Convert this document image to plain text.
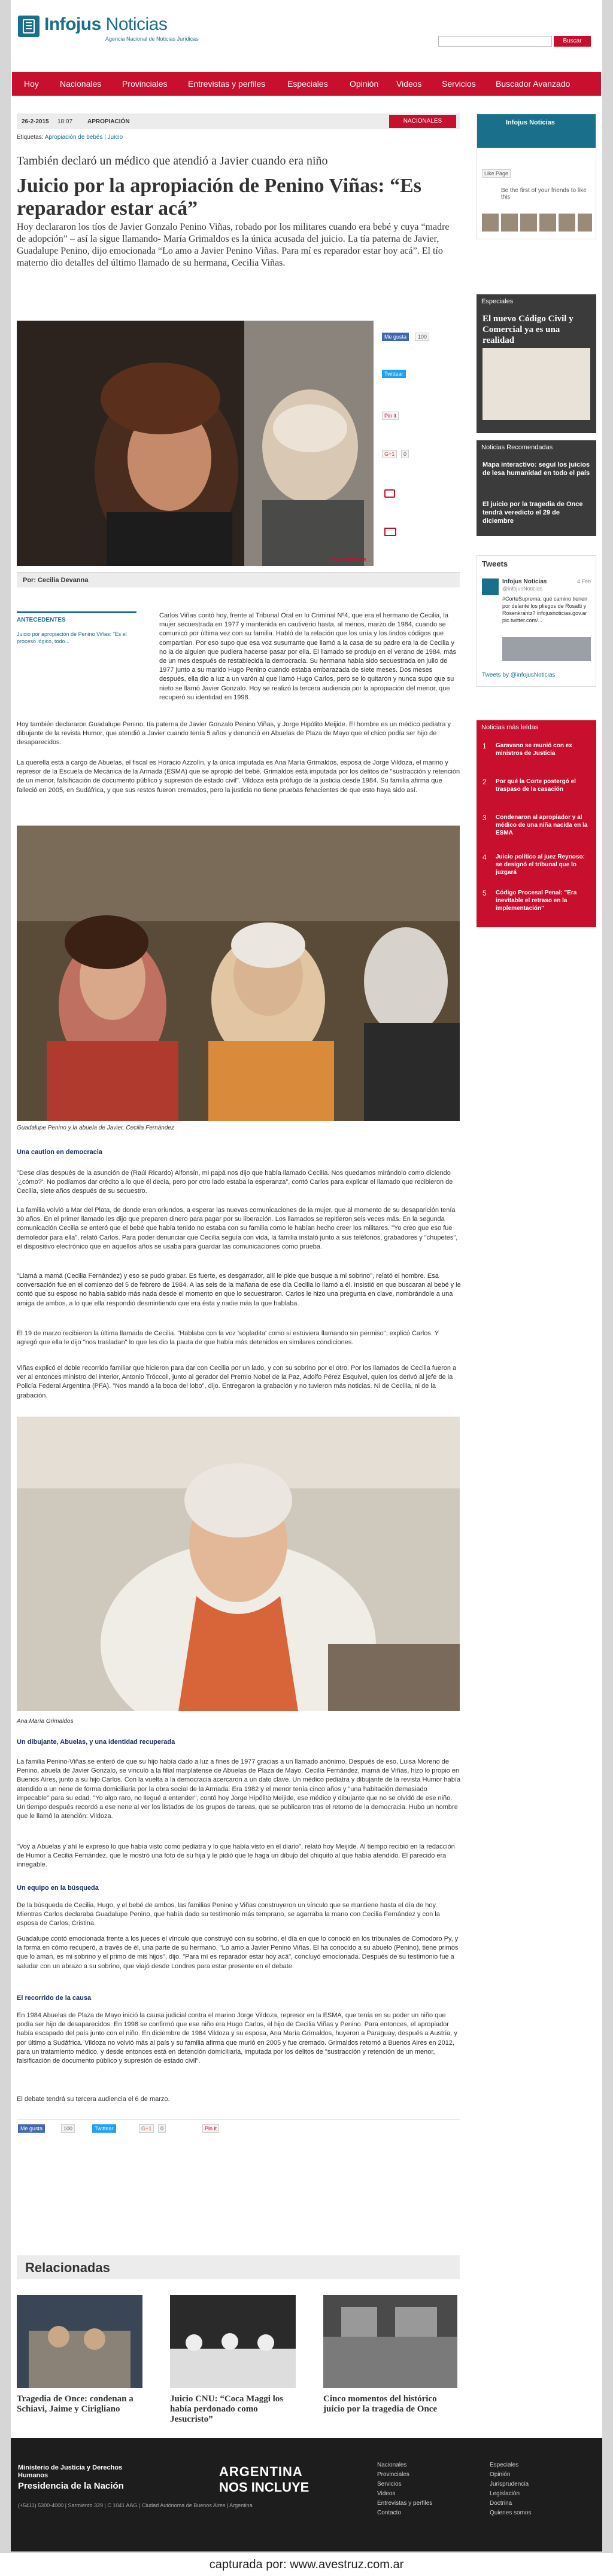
Infojus Noticias
Agencia Nacional de Noticias Jurídicas	Buscar
Hoy	Nacionales Provinciales Entrevistas y perfiles	Especiales	Opinión Videos Servicios Buscador Avanzado
26-2-2015 18:07 APROPIACIÓN	NACIONALES
Etiquetas: Apropiación de bebés | Juicio
También declaró un médico que atendió a Javier cuando era niño
Juicio por la apropiación de Penino Viñas: “Es reparador estar acá”
Hoy declararon los tíos de Javier Gonzalo Penino Viñas, robado por los militares cuando era bebé y cuya “madre de adopción” – así la sigue llamando- María Grimaldos es la única acusada del juicio. La tía paterna de Javier, Guadalupe Penino, dijo emocionada “Lo amo a Javier Penino Viñas. Para mí es reparador estar hoy acá”. El tío materno dio detalles del último llamado de su hermana, Cecilia Viñas.
Infojus/Noticias
Me gusta	100
Twittear
Pin it
G+1	0
Por: Cecilia Devanna
ANTECEDENTES
Juicio por apropiación de Penino Viñas: "Es el proceso lógico, todo...
Carlos Viñas contó hoy, frente al Tribunal Oral en lo Criminal Nº4, que era el hermano de Cecilia, la mujer secuestrada en 1977 y mantenida en cautiverio hasta, al menos, marzo de 1984, cuando se comunicó por última vez con su familia. Habló de la relación que los unía y los lindos códigos que compartían. Por eso supo que esa voz susurrante que llamó a la casa de su padre era la de Cecilia y no la de alguien que pudiera hacerse pasar por ella. El llamado se produjo en el verano de 1984, más de un mes después de restablecida la democracia. Su hermana había sido secuestrada en julio de 1977 junto a su marido Hugo Penino cuando estaba embarazada de siete meses. Dos meses después, ella dio a luz a un varón al que llamó Hugo Carlos, pero se lo quitaron y nunca supo que su nieto se llamó Javier Gonzalo. Hoy se realizó la tercera audiencia por la apropiación del menor, que recuperó su identidad en 1998.
Hoy también declararon Guadalupe Penino, tía paterna de Javier Gonzalo Penino Viñas, y Jorge Hipólito Meijide. El hombre es un médico pediatra y dibujante de la revista Humor, que atendió a Javier cuando tenía 5 años y denunció en Abuelas de Plaza de Mayo que el chico podía ser hijo de desaparecidos.
La querella está a cargo de Abuelas, el fiscal es Horacio Azzolín, y la única imputada es Ana María Grimaldos, esposa de Jorge Vildoza, el marino y represor de la Escuela de Mecánica de la Armada (ESMA) que se apropió del bebé. Grimaldos está imputada por los delitos de "sustracción y retención de un menor, falsificación de documento público y supresión de estado civil". Vildoza está prófugo de la justicia desde 1984. Su familia afirma que falleció en 2005, en Sudáfrica, y que sus restos fueron cremados, pero la justicia no tiene pruebas fehacientes de que esto haya sido así.
Guadalupe Penino y la abuela de Javier, Cecilia Fernández
Una caution en democracia
"Dese días después de la asunción de (Raúl Ricardo) Alfonsín, mi papá nos dijo que había llamado Cecilia. Nos quedamos mirándolo como diciendo '¿cómo?'. No podíamos dar crédito a lo que él decía, pero por otro lado estaba la esperanza", contó Carlos para explicar el llamado que recibieron de Cecilia, siete años después de su secuestro.
La familia volvió a Mar del Plata, de donde eran oriundos, a esperar las nuevas comunicaciones de la mujer, que al momento de su desaparición tenía 30 años. En el primer llamado les dijo que preparen dinero para pagar por su liberación. Los llamados se repitieron seis veces más. En la segunda comunicación Cecilia se enteró que el bebé que había tenido no estaba con su familia como le habían hecho creer los militares. "Yo creo que eso fue demoledor para ella", relató Carlos. Para poder denunciar que Cecilia seguía con vida, la familia instaló junto a sus teléfonos, grabadores y "chupetes", el dispositivo electrónico que en aquellos años se usaba para guardar las comunicaciones como prueba.
"Llamá a mamá (Cecilia Fernández) y eso se pudo grabar. Es fuerte, es desgarrador, allí le pide que busque a mi sobrino", relató el hombre. Esa conversación fue en el comienzo del 5 de febrero de 1984. A las seis de la mañana de ese día Cecilia lo llamó a él. Insistió en que buscaran al bebé y le contó que su esposo no había sabido más nada desde el momento en que lo secuestraron. Carlos le hizo una pregunta en clave, nombrándole a una amiga de ambos, a lo que ella respondió desmintiendo que era ésta y nadie más la que hablaba.
El 19 de marzo recibieron la última llamada de Cecilia. "Hablaba con la voz 'sopladita' como si estuviera llamando sin permiso", explicó Carlos. Y agregó que ella le dijo "nos trasladan" lo que les dio la pauta de que había más detenidos en similares condiciones.
Viñas explicó el doble recorrido familiar que hicieron para dar con Cecilia por un lado, y con su sobrino por el otro. Por los llamados de Cecilia fueron a ver al entonces ministro del interior, Antonio Tróccoli, junto al gerador del Premio Nobel de la Paz, Adolfo Pérez Esquivel, quien los derivó al jefe de la Policía Federal Argentina (PFA). "Nos mandó a la boca del lobo", dijo. Entregaron la grabación y no tuvieron más noticias. Ni de Cecilia, ni de la grabación.
Ana María Grimaldos
Un dibujante, Abuelas, y una identidad recuperada
La familia Penino-Viñas se enteró de que su hijo había dado a luz a fines de 1977 gracias a un llamado anónimo. Después de eso, Luisa Moreno de Penino, abuela de Javier Gonzalo, se vinculó a la filial marplatense de Abuelas de Plaza de Mayo. Cecilia Fernández, mamá de Viñas, hizo lo propio en Buenos Aires, junto a su hijo Carlos. Con la vuelta a la democracia acercaron a un dato clave. Un médico pediatra y dibujante de la revista Humor había atendido a un nene de forma domiciliaria por la obra social de la Armada. Era 1982 y el menor tenía cinco años y "una habitación demasiado impecable" para su edad. "Yo algo raro, no llegué a entender", contó hoy Jorge Hipólito Meijide, ese médico y dibujante que no se olvidó de ese niño. Un tiempo después recordó a ese nene al ver los listados de los grupos de tareas, que se publicaron tras el retorno de la democracia. Hubo un nombre que le llamó la atención: Vildoza.
"Voy a Abuelas y ahí le expreso lo que había visto como pediatra y lo que había visto en el diario", relató hoy Meijide. Al tiempo recibió en la redacción de Humor a Cecilia Fernández, que le mostró una foto de su hija y le pidió que le haga un dibujo del chiquito al que había atendido. El parecido era innegable.
Un equipo en la búsqueda
De la búsqueda de Cecilia, Hugo, y el bebé de ambos, las familias Penino y Viñas construyeron un vínculo que se mantiene hasta el día de hoy. Mientras Carlos declaraba Guadalupe Penino, que había dado su testimonio más temprano, se agarraba la mano con Cecilia Fernández y con la esposa de Carlos, Cristina.
Guadalupe contó emocionada frente a los jueces el vínculo que construyó con su sobrino, el día en que lo conoció en los tribunales de Comodoro Py, y la forma en cómo recuperó, a través de él, una parte de su hermano. "Lo amo a Javier Penino Viñas. El ha conocido a su abuelo (Penino), tiene primos que lo aman, es mi sobrino y el primo de mis hijos", dijo. "Para mí es reparador estar hoy acá", concluyó emocionada. Después de su testimonio fue a saludar con un abrazo a su sobrino, que viajó desde Londres para estar presente en el debate.
El recorrido de la causa
En 1984 Abuelas de Plaza de Mayo inició la causa judicial contra el marino Jorge Vildoza, represor en la ESMA, que tenía en su poder un niño que podía ser hijo de desaparecidos. En 1998 se confirmó que ese niño era Hugo Carlos, el hijo de Cecilia Viñas y Penino. Para entonces, el apropiador había escapado del país junto con el niño. En diciembre de 1984 Vildoza y su esposa, Ana María Grimaldos, huyeron a Paraguay, después a Austria, y por último a Sudáfrica. Vildoza no volvió más al país y su familia afirma que murió en 2005 y fue cremado. Grimaldos retornó a Buenos Aires en 2012, para un tratamiento médico, y desde entonces está en detención domiciliaria, imputada por los delitos de "sustracción y retención de un menor, falsificación de documento público y supresión de estado civil".
El debate tendrá su tercera audiencia el 6 de marzo.
Me gusta	100	Twittear	G+1	0	Pin it
Relacionadas
Tragedia de Once: condenan a Schiavi, Jaime y Cirigliano
Juicio CNU: “Coca Maggi los había perdonado como Jesucristo”
Cinco momentos del histórico juicio por la tragedia de Once
Infojus Noticias
Like Page
Be the first of your friends to like this
Especiales
El nuevo Código Civil y Comercial ya es una realidad
Noticias Recomendadas
Mapa interactivo: seguí los juicios de lesa humanidad en todo el país
El juicio por la tragedia de Once tendrá veredicto el 29 de diciembre
Tweets
Infojus Noticias
@infojusNoticias
4 Feb
#CorteSuprema: qué camino tienen por delante los pliegos de Rosatti y Rosenkrantz? infojusnoticias.gov.ar pic.twitter.com/...
Tweets by @infojusNoticias
Noticias más leídas
1 Garavano se reunió con ex ministros de Justicia
2 Por qué la Corte postergó el traspaso de la casación
3 Condenaron al apropiador y al médico de una niña nacida en la ESMA
4 Juicio político al juez Reynoso: se designó el tribunal que lo juzgará
5 Código Procesal Penal: "Era inevitable el retraso en la implementación"
Ministerio de Justicia y Derechos Humanos
Presidencia de la Nación
ARGENTINA
NOS INCLUYE
(+5411) 5300-4000 | Sarmiento 329 | C 1041 AAG | Ciudad Autónoma de Buenos Aires | Argentina
Nacionales
Provinciales
Servicios
Videos
Entrevistas y perfiles
Contacto
Especiales
Opinión
Jurisprudencia
Legislación
Doctrina
Quienes somos
capturada por: www.avestruz.com.ar
